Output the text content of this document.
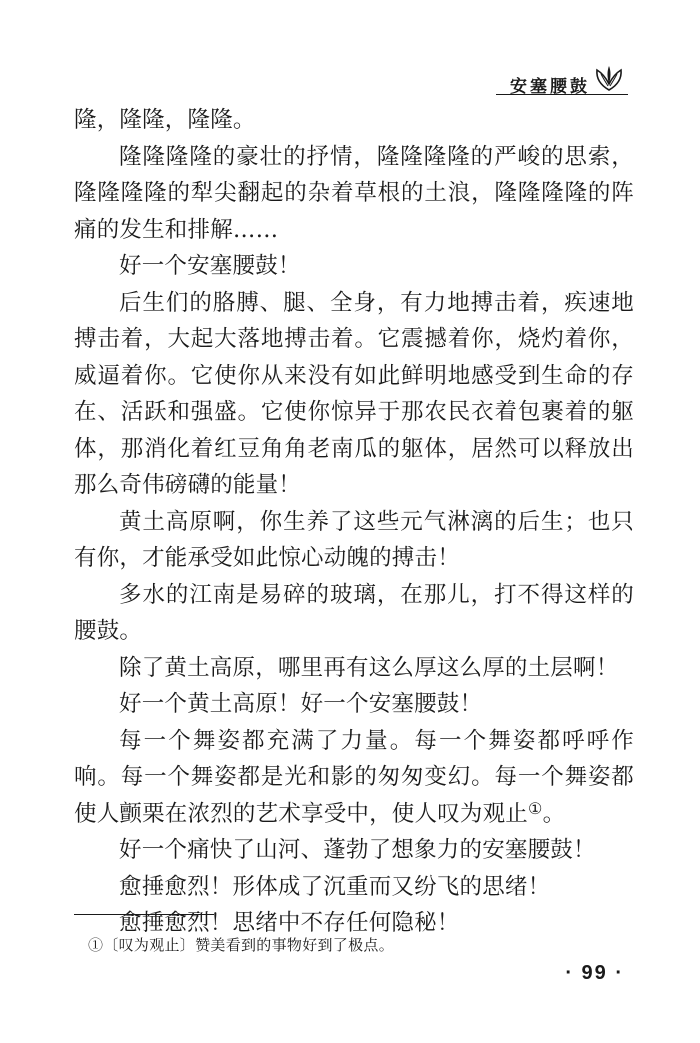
安塞腰鼓

隆，隆隆，隆隆。

隆隆隆隆的豪壮的抒情，隆隆隆隆的严峻的思索，隆隆隆隆的犁尖翻起的杂着草根的土浪，隆隆隆隆的阵痛的发生和排解……

好一个安塞腰鼓！

后生们的胳膊、腿、全身，有力地搏击着，疾速地搏击着，大起大落地搏击着。它震撼着你，烧灼着你，威逼着你。它使你从来没有如此鲜明地感受到生命的存在、活跃和强盛。它使你惊异于那农民衣着包裹着的躯体，那消化着红豆角角老南瓜的躯体，居然可以释放出那么奇伟磅礴的能量！

黄土高原啊，你生养了这些元气淋漓的后生；也只有你，才能承受如此惊心动魄的搏击！

多水的江南是易碎的玻璃，在那儿，打不得这样的腰鼓。

除了黄土高原，哪里再有这么厚这么厚的土层啊！

好一个黄土高原！好一个安塞腰鼓！

每一个舞姿都充满了力量。每一个舞姿都呼呼作响。每一个舞姿都是光和影的匆匆变幻。每一个舞姿都使人颤栗在浓烈的艺术享受中，使人叹为观止①。

好一个痛快了山河、蓬勃了想象力的安塞腰鼓！

愈捶愈烈！形体成了沉重而又纷飞的思绪！

愈捶愈烈！思绪中不存任何隐秘！

①〔叹为观止〕赞美看到的事物好到了极点。
· 99 ·
